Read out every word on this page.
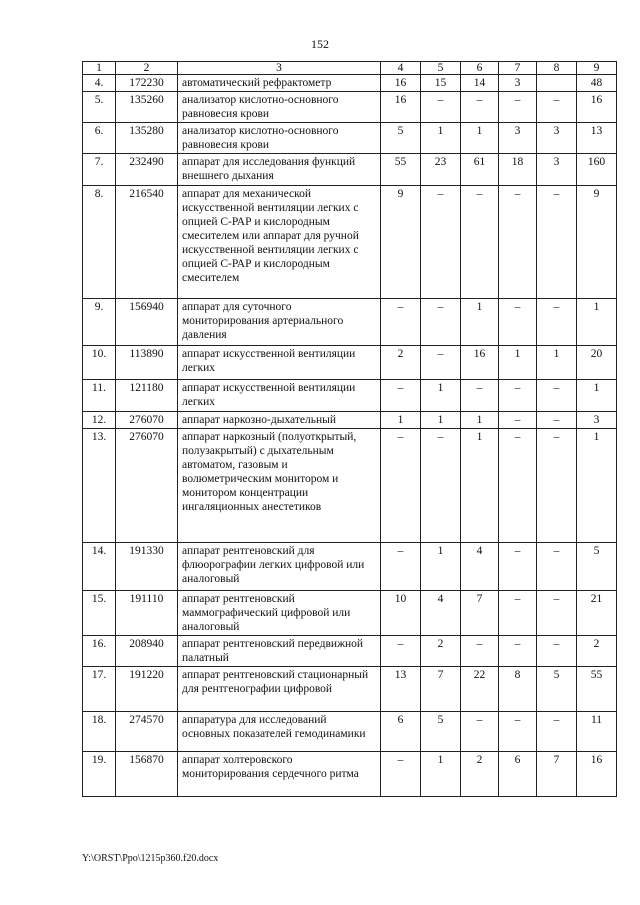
152
1	2	3	4	5	6	7	8	9
4.	172230	автоматический рефрактометр	16	15	14	3		48
5.	135260	анализатор кислотно-основного равновесия крови	16	–	–	–	–	16
6.	135280	анализатор кислотно-основного равновесия крови	5	1	1	3	3	13
7.	232490	аппарат для исследования функций внешнего дыхания	55	23	61	18	3	160
8.	216540	аппарат для механической искусственной вентиляции легких с опцией С-РАР и кислородным смесителем или аппарат для ручной искусственной вентиляции легких с опцией С-РАР и кислородным смесителем	9	–	–	–	–	9
9.	156940	аппарат для суточного мониторирования артериального давления	–	–	1	–	–	1
10.	113890	аппарат искусственной вентиляции легких	2	–	16	1	1	20
11.	121180	аппарат искусственной вентиляции легких	–	1	–	–	–	1
12.	276070	аппарат наркозно-дыхательный	1	1	1	–	–	3
13.	276070	аппарат наркозный (полуоткрытый, полузакрытый) с дыхательным автоматом, газовым и волюметрическим монитором и монитором концентрации ингаляционных анестетиков	–	–	1	–	–	1
14.	191330	аппарат рентгеновский для флюорографии легких цифровой или аналоговый	–	1	4	–	–	5
15.	191110	аппарат рентгеновский маммографический цифровой или аналоговый	10	4	7	–	–	21
16.	208940	аппарат рентгеновский передвижной палатный	–	2	–	–	–	2
17.	191220	аппарат рентгеновский стационарный для рентгенографии цифровой	13	7	22	8	5	55
18.	274570	аппаратура для исследований основных показателей гемодинамики	6	5	–	–	–	11
19.	156870	аппарат холтеровского мониторирования сердечного ритма	–	1	2	6	7	16
Y:\ORST\Ppo\1215p360.f20.docx
